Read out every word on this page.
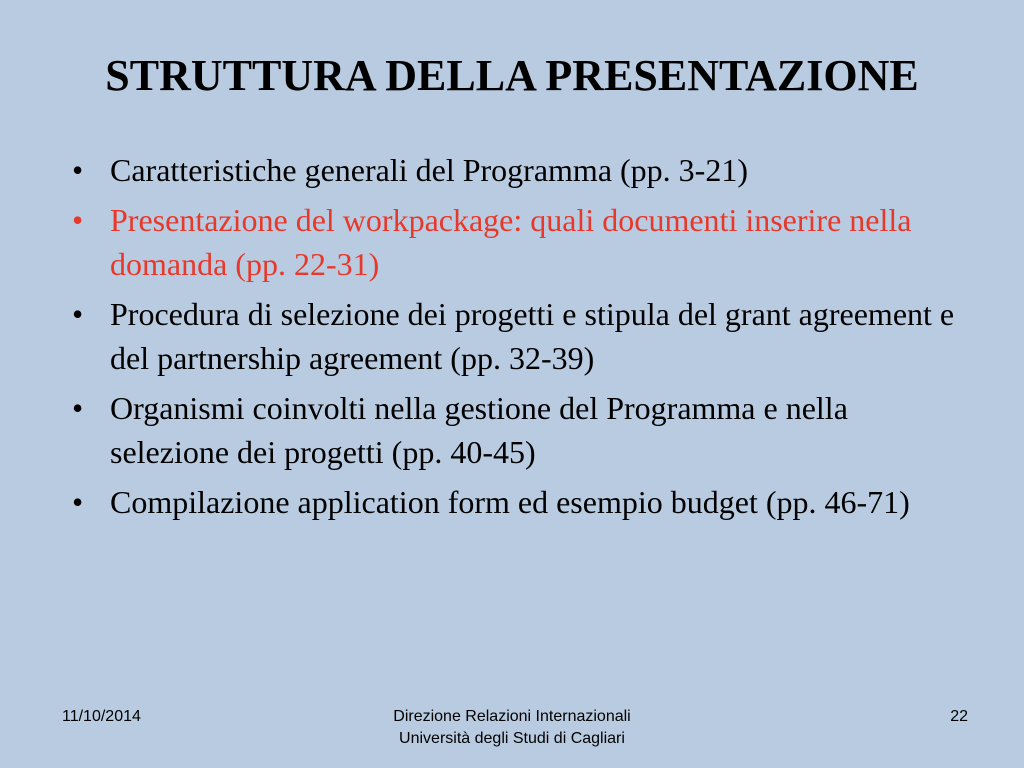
STRUTTURA DELLA PRESENTAZIONE
• Caratteristiche generali del Programma (pp. 3-21)
• Presentazione del workpackage: quali documenti inserire nella domanda (pp. 22-31)
• Procedura di selezione dei progetti e stipula del grant agreement e del partnership agreement (pp. 32-39)
• Organismi coinvolti nella gestione del Programma e nella selezione dei progetti (pp. 40-45)
• Compilazione application form ed esempio budget (pp. 46-71)
11/10/2014	Direzione Relazioni Internazionali
Università degli Studi di Cagliari
22
